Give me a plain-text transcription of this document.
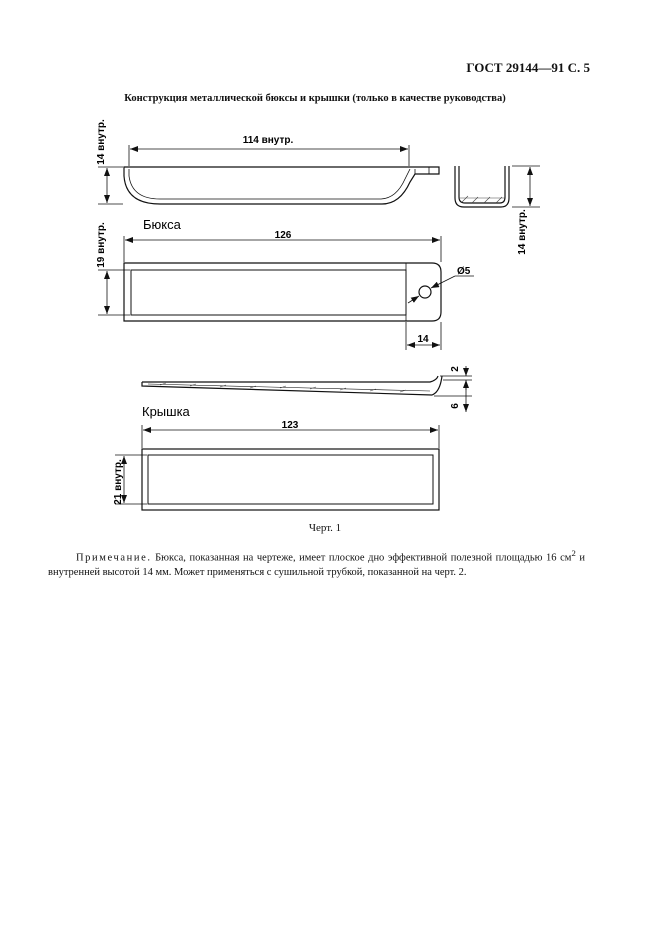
ГОСТ 29144—91 С. 5
Конструкция металлической бюксы и крышки (только в качестве руководства)
114 внутр.
14 внутр.
14 внутр.
Бюкса
126
19 внутр.
Ø5
14
2
6
Крышка
123
21 внутр.
Черт. 1
Примечание. Бюкса, показанная на чертеже, имеет плоское дно эффективной полезной площадью 16 $см^2$ и внутренней высотой 14 мм. Может применяться с сушильной трубкой, показанной на черт. 2.
